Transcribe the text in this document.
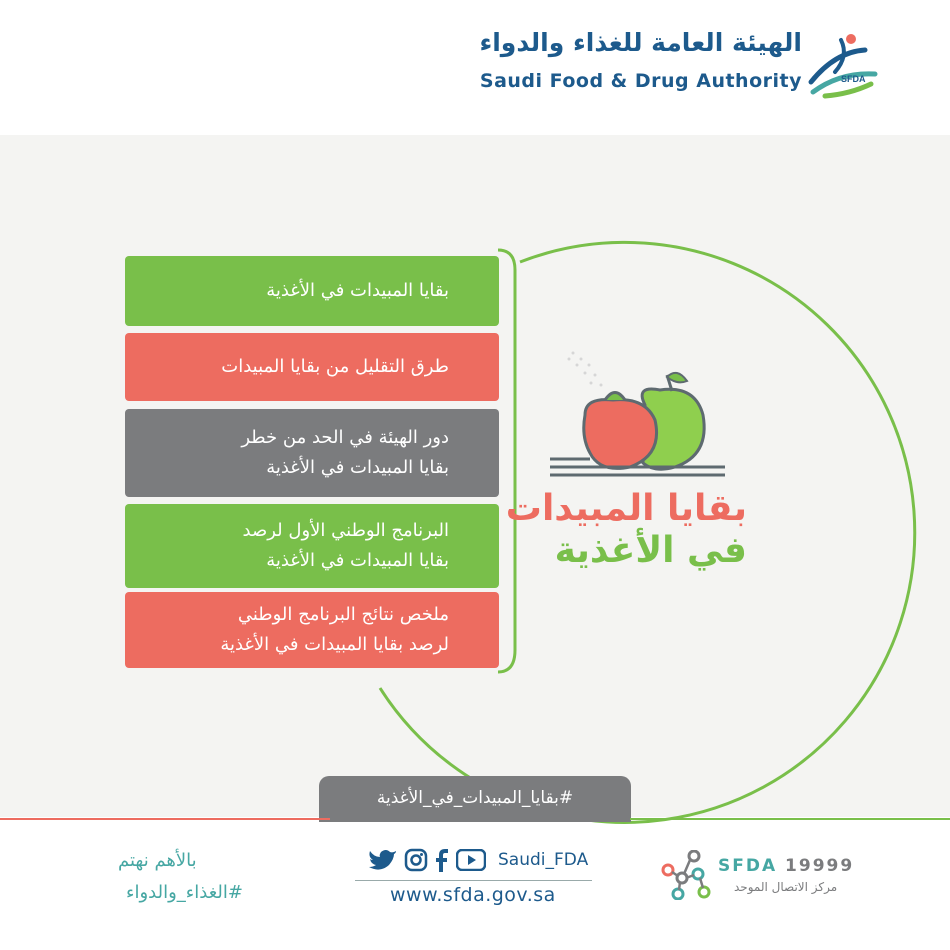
الهيئة العامة للغذاء والدواء
Saudi Food & Drug Authority	SFDA
بقايا المبيدات في الأغذية
طرق التقليل من بقايا المبيدات
دور الهيئة في الحد من خطر
بقايا المبيدات في الأغذية
البرنامج الوطني الأول لرصد
بقايا المبيدات في الأغذية
ملخص نتائج البرنامج الوطني
لرصد بقايا المبيدات في الأغذية
بقايا المبيدات
في الأغذية
#بقايا_المبيدات_في_الأغذية
بالأهم نهتم
#الغذاء_والدواء
Saudi_FDA
www.sfda.gov.sa
SFDA 19999
مركز الاتصال الموحد
